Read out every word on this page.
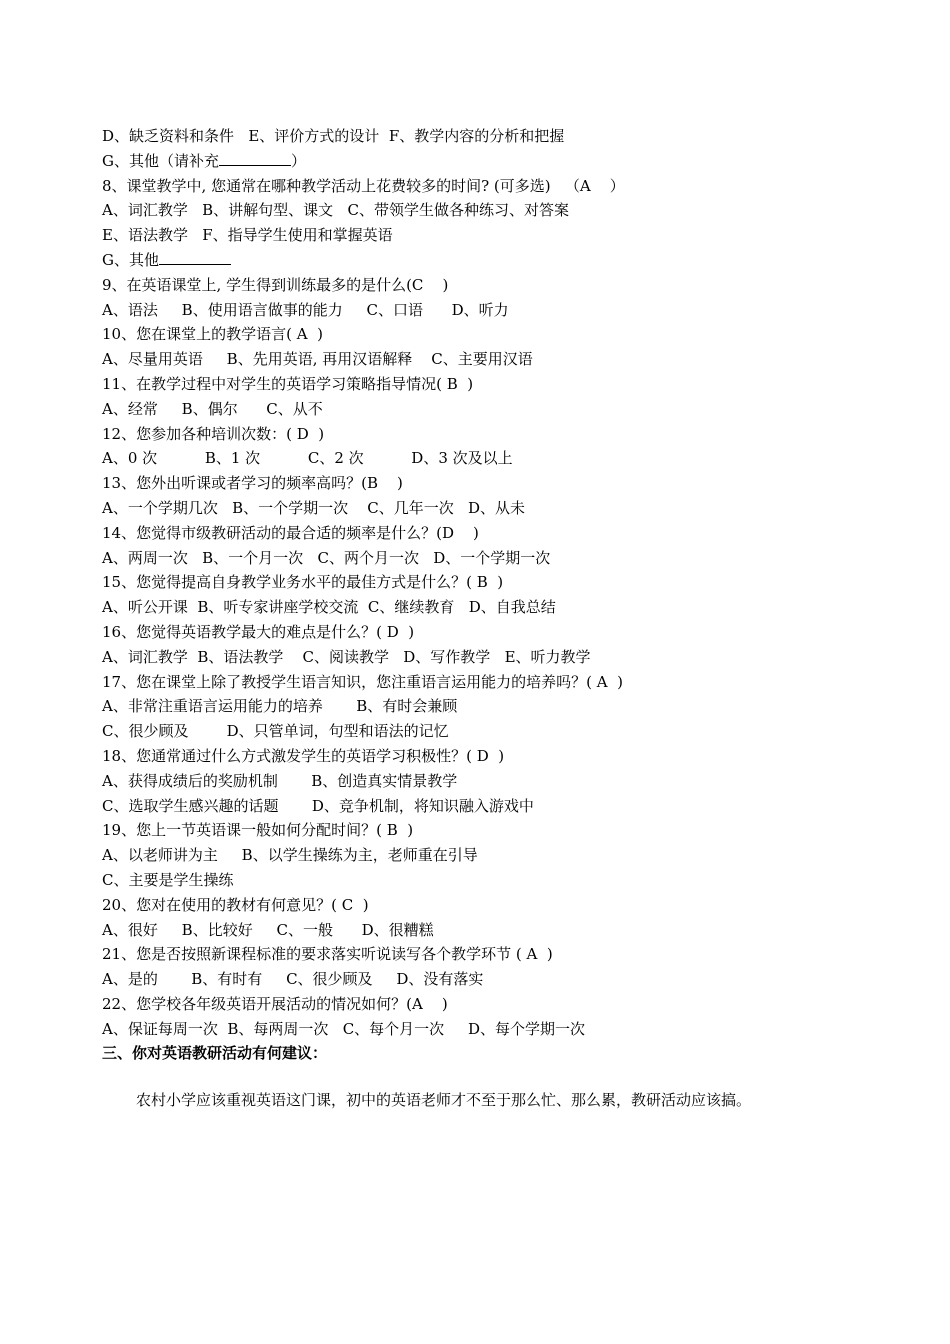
D、缺乏资料和条件   E、评价方式的设计  F、教学内容的分析和把握
G、其他（请补充	）
8、课堂教学中, 您通常在哪种教学活动上花费较多的时间? (可多选)   （A    ）
A、词汇教学   B、讲解句型、课文   C、带领学生做各种练习、对答案
E、语法教学   F、指导学生使用和掌握英语
G、其他
9、在英语课堂上, 学生得到训练最多的是什么(C    )
A、语法     B、使用语言做事的能力     C、口语      D、听力
10、您在课堂上的教学语言( A  )
A、尽量用英语     B、先用英语, 再用汉语解释    C、主要用汉语
11、在教学过程中对学生的英语学习策略指导情况( B  )
A、经常     B、偶尔      C、从不
12、您参加各种培训次数：( D  )
A、0 次          B、1 次          C、2 次          D、3 次及以上
13、您外出听课或者学习的频率高吗？(B    )
A、一个学期几次   B、一个学期一次    C、几年一次   D、从未
14、您觉得市级教研活动的最合适的频率是什么？(D    )
A、两周一次   B、一个月一次   C、两个月一次   D、一个学期一次
15、您觉得提高自身教学业务水平的最佳方式是什么？( B  )
A、听公开课  B、听专家讲座学校交流  C、继续教育   D、自我总结
16、您觉得英语教学最大的难点是什么？( D  )
A、词汇教学  B、语法教学    C、阅读教学   D、写作教学   E、听力教学
17、您在课堂上除了教授学生语言知识，您注重语言运用能力的培养吗？( A  )
A、非常注重语言运用能力的培养       B、有时会兼顾
C、很少顾及        D、只管单词，句型和语法的记忆
18、您通常通过什么方式激发学生的英语学习积极性？( D  )
A、获得成绩后的奖励机制       B、创造真实情景教学
C、选取学生感兴趣的话题       D、竞争机制，将知识融入游戏中
19、您上一节英语课一般如何分配时间？( B  )
A、以老师讲为主     B、以学生操练为主，老师重在引导
C、主要是学生操练
20、您对在使用的教材有何意见？( C  )
A、很好     B、比较好     C、一般      D、很糟糕
21、您是否按照新课程标准的要求落实听说读写各个教学环节 ( A  )
A、是的       B、有时有     C、很少顾及     D、没有落实
22、您学校各年级英语开展活动的情况如何？(A    )
A、保证每周一次  B、每两周一次   C、每个月一次     D、每个学期一次
三、你对英语教研活动有何建议：
农村小学应该重视英语这门课，初中的英语老师才不至于那么忙、那么累，教研活动应该搞。
